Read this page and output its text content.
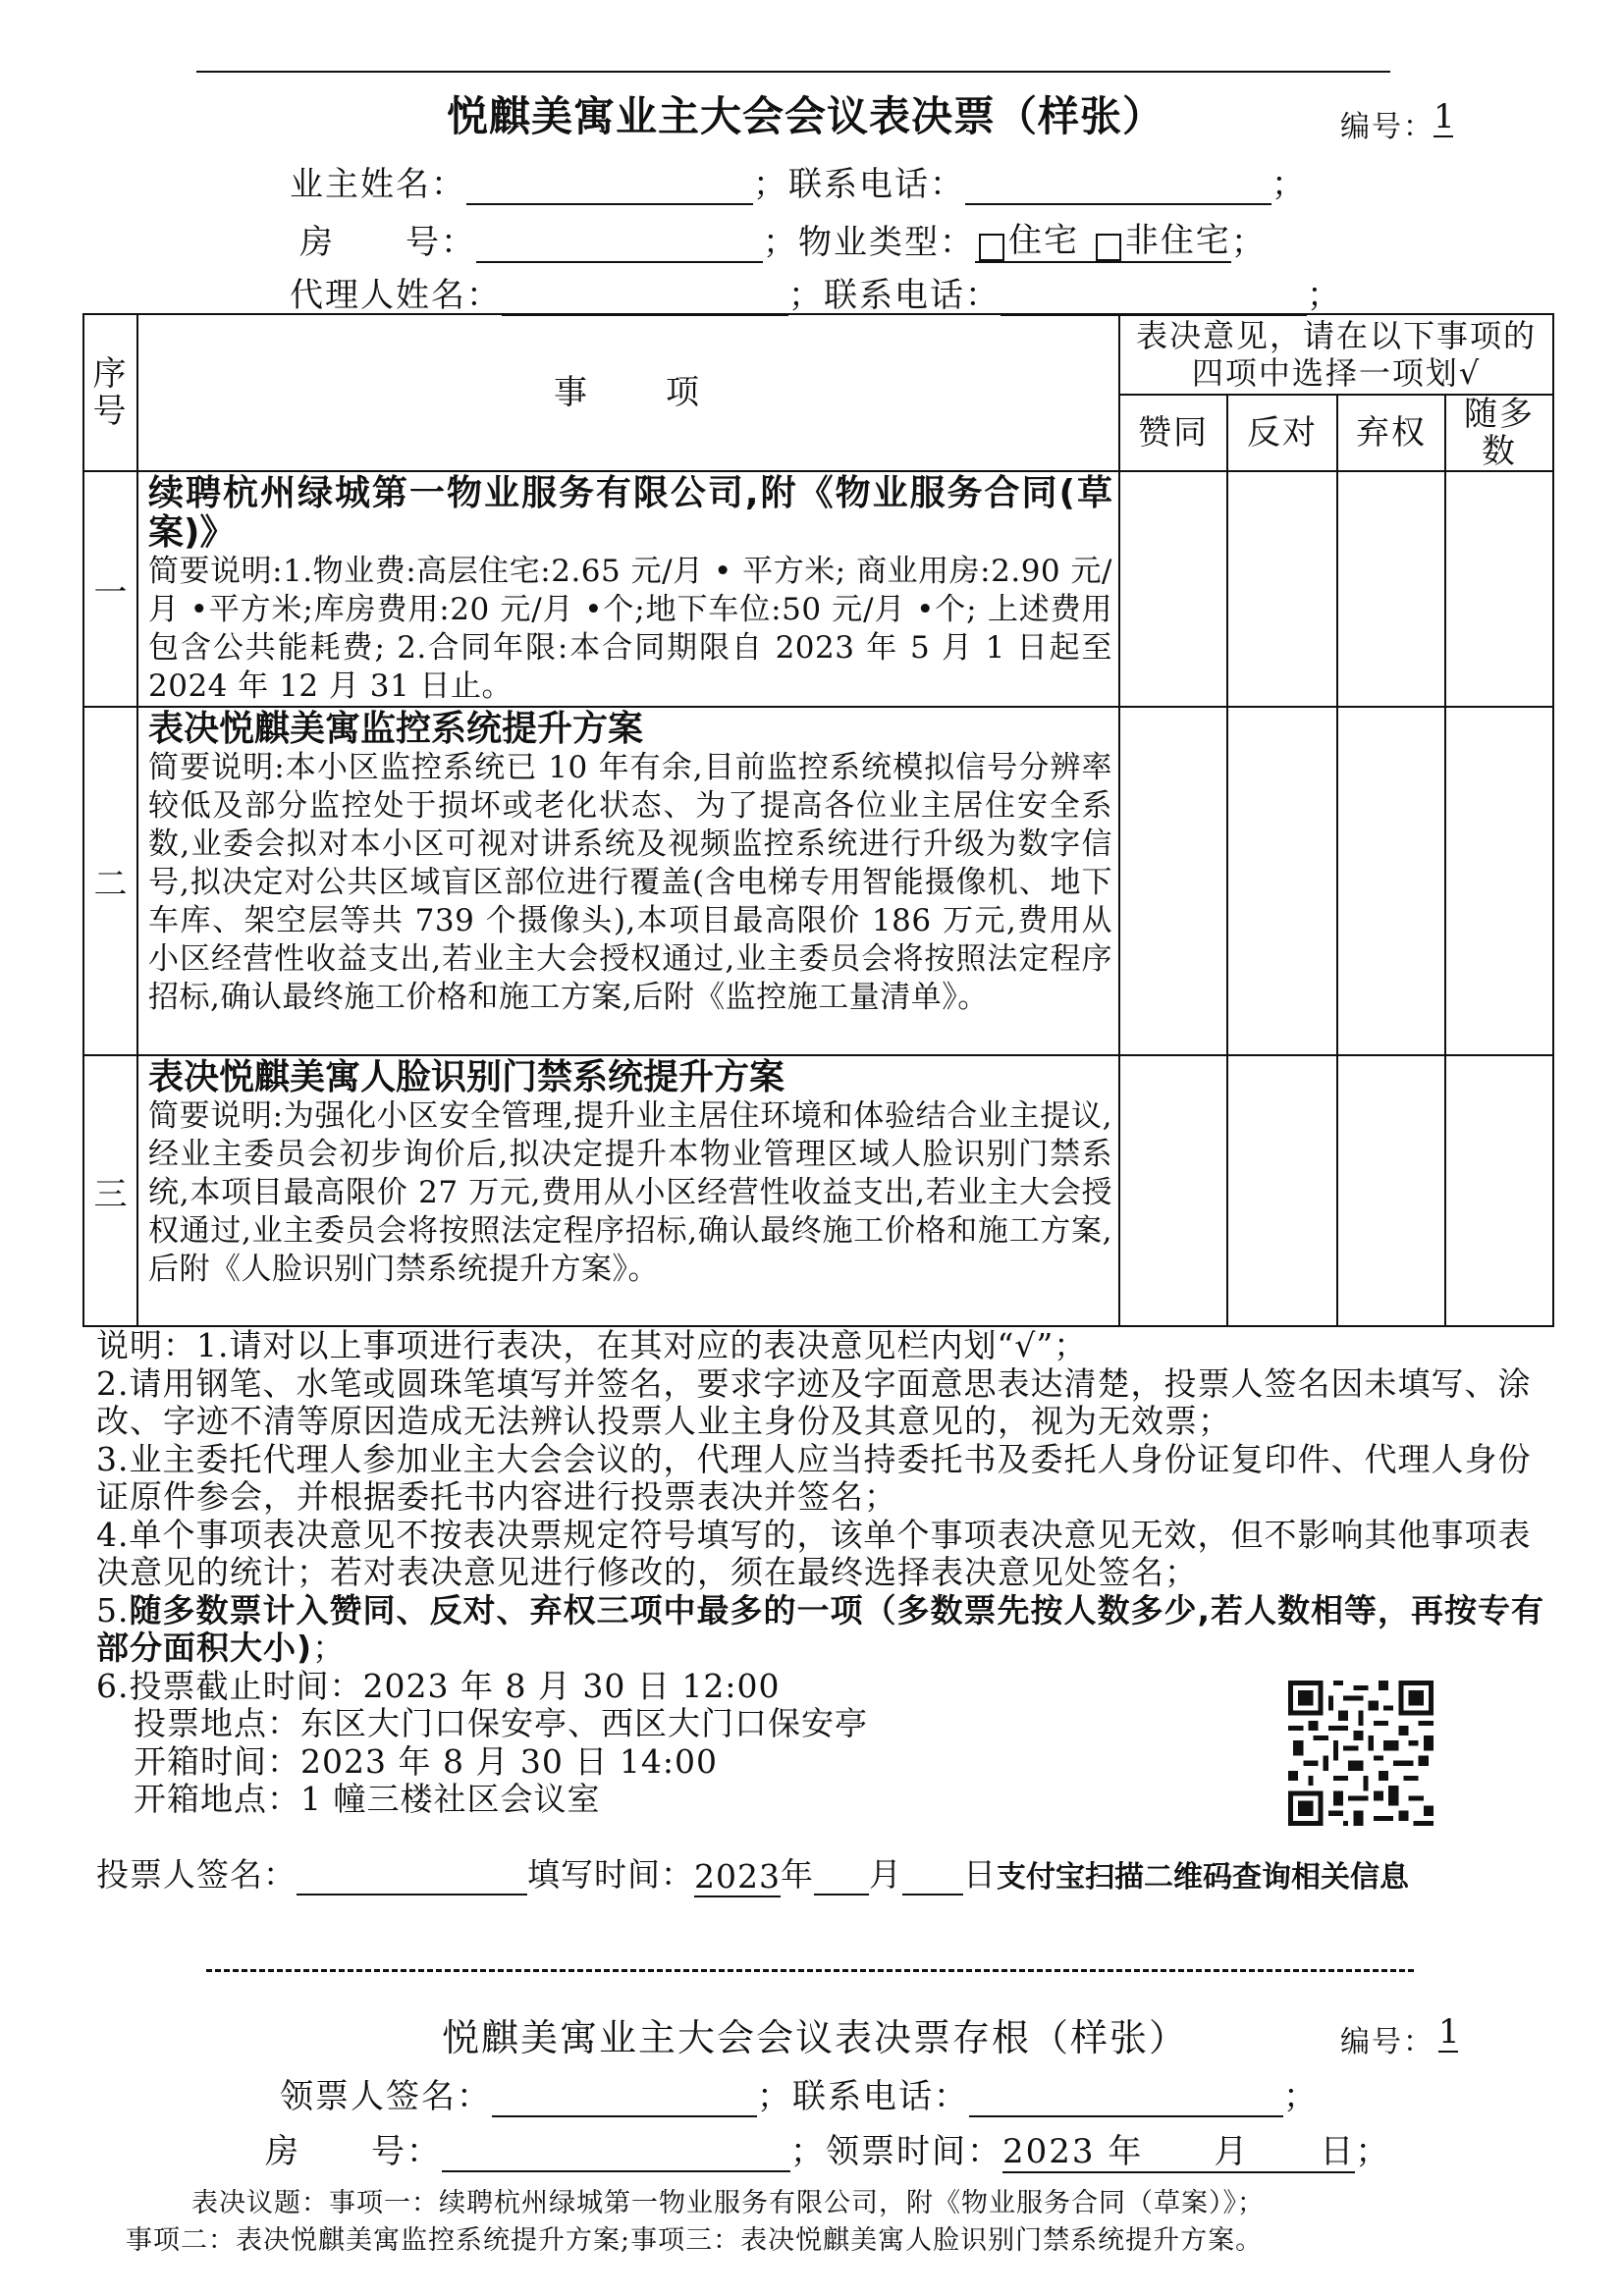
悦麒美寓业主大会会议表决票（样张）	编号： 1
业主姓名：	；联系电话：	；
房　　号：	；物业类型： 住宅 非住宅；
代理人姓名：	；联系电话：	；
序号	事　　项	表决意见，请在以下事项的四项中选择一项划√			
		赞同	反对	弃权	随多数
一	续聘杭州绿城第一物业服务有限公司,附《物业服务合同(草案)》
简要说明:1.物业费:高层住宅:2.65 元/月 • 平方米; 商业用房:2.90 元/月 •平方米;库房费用:20 元/月 •个;地下车位:50 元/月 •个; 上述费用包含公共能耗费; 2.合同年限:本合同期限自 2023 年 5 月 1 日起至 2024 年 12 月 31 日止。				

二	表决悦麒美寓监控系统提升方案
简要说明:本小区监控系统已 10 年有余,目前监控系统模拟信号分辨率较低及部分监控处于损坏或老化状态、为了提高各位业主居住安全系数,业委会拟对本小区可视对讲系统及视频监控系统进行升级为数字信号,拟决定对公共区域盲区部位进行覆盖(含电梯专用智能摄像机、地下车库、架空层等共 739 个摄像头),本项目最高限价 186 万元,费用从小区经营性收益支出,若业主大会授权通过,业主委员会将按照法定程序招标,确认最终施工价格和施工方案,后附《监控施工量清单》。				

三	表决悦麒美寓人脸识别门禁系统提升方案
简要说明:为强化小区安全管理,提升业主居住环境和体验结合业主提议,经业主委员会初步询价后,拟决定提升本物业管理区域人脸识别门禁系统,本项目最高限价 27 万元,费用从小区经营性收益支出,若业主大会授权通过,业主委员会将按照法定程序招标,确认最终施工价格和施工方案,后附《人脸识别门禁系统提升方案》。				

说明：1.请对以上事项进行表决，在其对应的表决意见栏内划“√”；

2.请用钢笔、水笔或圆珠笔填写并签名，要求字迹及字面意思表达清楚，投票人签名因未填写、涂改、字迹不清等原因造成无法辨认投票人业主身份及其意见的，视为无效票；

3.业主委托代理人参加业主大会会议的，代理人应当持委托书及委托人身份证复印件、代理人身份证原件参会，并根据委托书内容进行投票表决并签名；

4.单个事项表决意见不按表决票规定符号填写的，该单个事项表决意见无效，但不影响其他事项表决意见的统计；若对表决意见进行修改的，须在最终选择表决意见处签名；

5.随多数票计入赞同、反对、弃权三项中最多的一项（多数票先按人数多少,若人数相等，再按专有部分面积大小)；

6.投票截止时间：2023 年 8 月 30 日 12:00

投票地点：东区大门口保安亭、西区大门口保安亭

开箱时间：2023 年 8 月 30 日 14:00

开箱地点：1 幢三楼社区会议室

投票人签名：	填写时间：2023年 月 日支付宝扫描二维码查询相关信息
悦麒美寓业主大会会议表决票存根（样张）	编号： 1
领票人签名：	；联系电话：	；
房　　号：	；领票时间：2023 年　　月　　日；
表决议题：事项一：续聘杭州绿城第一物业服务有限公司，附《物业服务合同（草案）》；
事项二：表决悦麒美寓监控系统提升方案;事项三：表决悦麒美寓人脸识别门禁系统提升方案。
